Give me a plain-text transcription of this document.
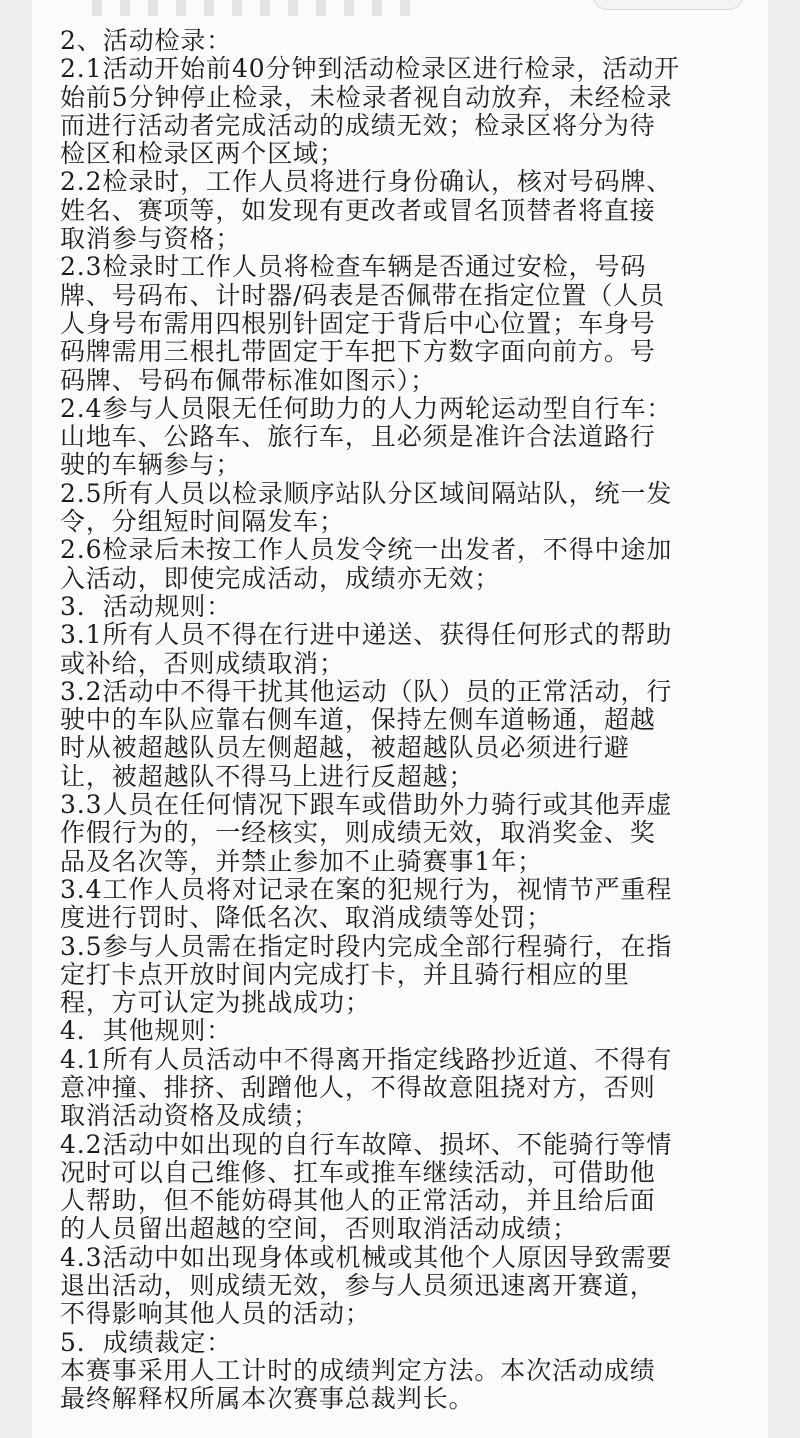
2、活动检录：
2.1活动开始前40分钟到活动检录区进行检录，活动开
始前5分钟停止检录，未检录者视自动放弃，未经检录
而进行活动者完成活动的成绩无效；检录区将分为待
检区和检录区两个区域；
2.2检录时，工作人员将进行身份确认，核对号码牌、
姓名、赛项等，如发现有更改者或冒名顶替者将直接
取消参与资格；
2.3检录时工作人员将检查车辆是否通过安检，号码
牌、号码布、计时器/码表是否佩带在指定位置（人员
人身号布需用四根别针固定于背后中心位置；车身号
码牌需用三根扎带固定于车把下方数字面向前方。号
码牌、号码布佩带标准如图示）；
2.4参与人员限无任何助力的人力两轮运动型自行车：
山地车、公路车、旅行车，且必须是准许合法道路行
驶的车辆参与；
2.5所有人员以检录顺序站队分区域间隔站队，统一发
令，分组短时间隔发车；
2.6检录后未按工作人员发令统一出发者，不得中途加
入活动，即使完成活动，成绩亦无效；
3．活动规则：
3.1所有人员不得在行进中递送、获得任何形式的帮助
或补给，否则成绩取消；
3.2活动中不得干扰其他运动（队）员的正常活动，行
驶中的车队应靠右侧车道，保持左侧车道畅通，超越
时从被超越队员左侧超越，被超越队员必须进行避
让，被超越队不得马上进行反超越；
3.3人员在任何情况下跟车或借助外力骑行或其他弄虚
作假行为的，一经核实，则成绩无效，取消奖金、奖
品及名次等，并禁止参加不止骑赛事1年；
3.4工作人员将对记录在案的犯规行为，视情节严重程
度进行罚时、降低名次、取消成绩等处罚；
3.5参与人员需在指定时段内完成全部行程骑行，在指
定打卡点开放时间内完成打卡，并且骑行相应的里
程，方可认定为挑战成功；
4．其他规则：
4.1所有人员活动中不得离开指定线路抄近道、不得有
意冲撞、排挤、刮蹭他人，不得故意阻挠对方，否则
取消活动资格及成绩；
4.2活动中如出现的自行车故障、损坏、不能骑行等情
况时可以自己维修、扛车或推车继续活动，可借助他
人帮助，但不能妨碍其他人的正常活动，并且给后面
的人员留出超越的空间，否则取消活动成绩；
4.3活动中如出现身体或机械或其他个人原因导致需要
退出活动，则成绩无效，参与人员须迅速离开赛道，
不得影响其他人员的活动；
5．成绩裁定：
本赛事采用人工计时的成绩判定方法。本次活动成绩
最终解释权所属本次赛事总裁判长。
